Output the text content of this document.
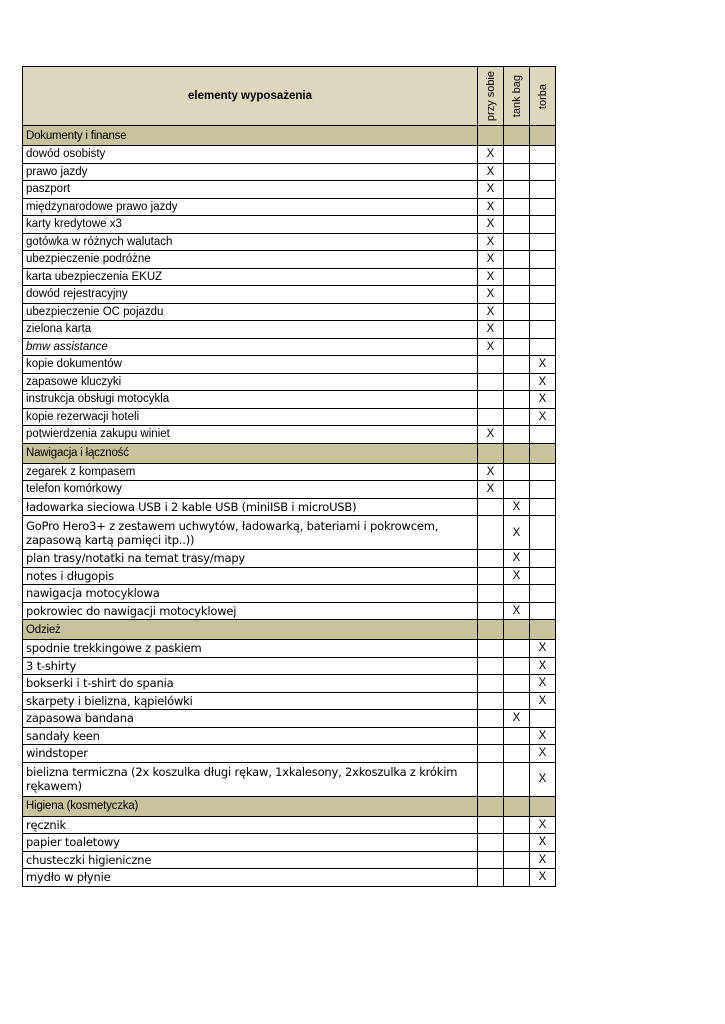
elementy wyposażenia	przy sobie	tank bag	torba
Dokumenty i finanse			
dowód osobisty	X		
prawo jazdy	X		
paszport	X		
międzynarodowe prawo jazdy	X		
karty kredytowe x3	X		
gotówka w różnych walutach	X		
ubezpieczenie podróżne	X		
karta ubezpieczenia EKUZ	X		
dowód rejestracyjny	X		
ubezpieczenie OC pojazdu	X		
zielona karta	X		
bmw assistance	X		
kopie dokumentów			X
zapasowe kluczyki			X
instrukcja obsługi motocykla			X
kopie rezerwacji hoteli			X
potwierdzenia zakupu winiet	X		
Nawigacja i łączność			
zegarek z kompasem	X		
telefon komórkowy	X		
ładowarka sieciowa USB i 2 kable USB (miniISB i microUSB)		X	
GoPro Hero3+ z zestawem uchwytów, ładowarką, bateriami i pokrowcem, zapasową kartą pamięci itp..))		X	
plan trasy/notatki na temat trasy/mapy		X	
notes i długopis		X	
nawigacja motocyklowa			
pokrowiec do nawigacji motocyklowej		X	
Odzież			
spodnie trekkingowe z paskiem			X
3 t-shirty			X
bokserki i t-shirt do spania			X
skarpety i bielizna, kąpielówki			X
zapasowa bandana		X	
sandały keen			X
windstoper			X
bielizna termiczna (2x koszulka długi rękaw, 1xkalesony, 2xkoszulka z krókim rękawem)			X
Higiena (kosmetyczka)			
ręcznik			X
papier toaletowy			X
chusteczki higieniczne			X
mydło w płynie			X
